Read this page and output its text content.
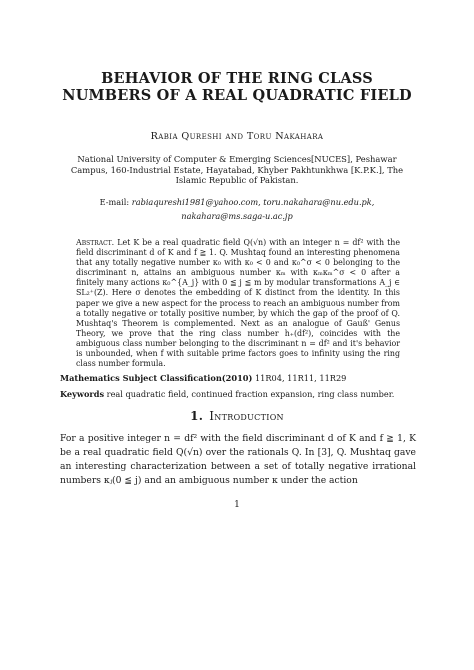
BEHAVIOR OF THE RING CLASS NUMBERS OF A REAL QUADRATIC FIELD
Rabia Qureshi and Toru Nakahara
National University of Computer & Emerging Sciences[NUCES], Peshawar Campus, 160-Industrial Estate, Hayatabad, Khyber Pakhtunkhwa [K.P.K.], The Islamic Republic of Pakistan.
E-mail: rabiaqureshi1981@yahoo.com, toru.nakahara@nu.edu.pk,
nakahara@ms.saga-u.ac.jp
Abstract. Let K be a real quadratic field Q(√n) with an integer n = df² with the field discriminant d of K and f ≧ 1. Q. Mushtaq found an interesting phenomena that any totally negative number κ₀ with κ₀ < 0 and κ₀^σ < 0 belonging to the discriminant n, attains an ambiguous number κₘ with κₘκₘ^σ < 0 after a finitely many actions κ₀^{A_j} with 0 ≦ j ≦ m by modular transformations A_j ∈ SL₂⁺(Z). Here σ denotes the embedding of K distinct from the identity. In this paper we give a new aspect for the process to reach an ambiguous number from a totally negative or totally positive number, by which the gap of the proof of Q. Mushtaq's Theorem is complemented. Next as an analogue of Gauß' Genus Theory, we prove that the ring class number h₊(df²), coincides with the ambiguous class number belonging to the discriminant n = df² and it's behavior is unbounded, when f with suitable prime factors goes to infinity using the ring class number formula.
Mathematics Subject Classification(2010) 11R04, 11R11, 11R29
Keywords real quadratic field, continued fraction expansion, ring class number.
1. Introduction

For a positive integer n = df² with the field discriminant d of K and f ≧ 1, K be a real quadratic field Q(√n) over the rationals Q. In [3], Q. Mushtaq gave an interesting characterization between a set of totally negative irrational numbers κⱼ(0 ≦ j) and an ambiguous number κ under the action

1
